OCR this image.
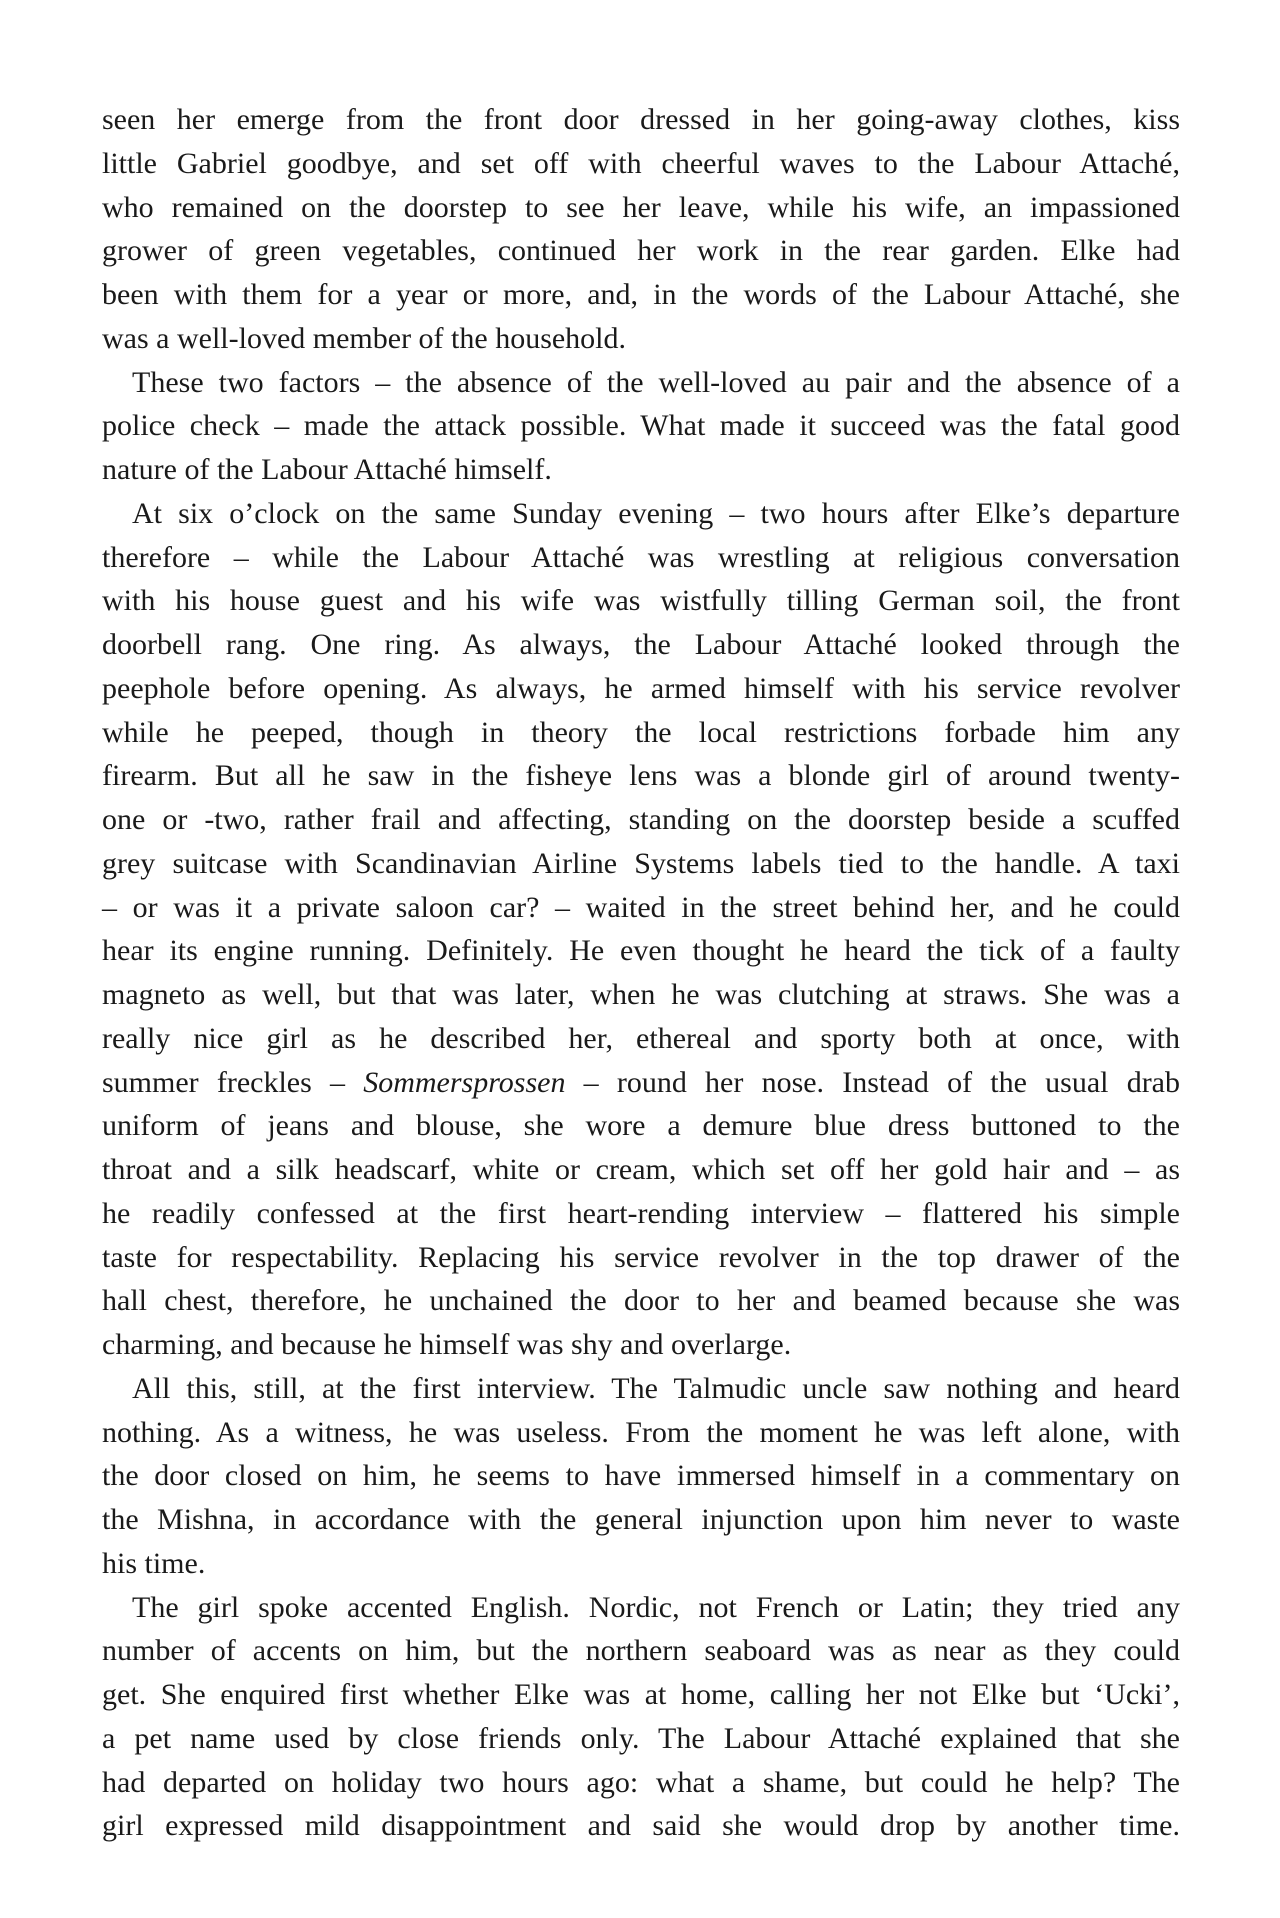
seen her emerge from the front door dressed in her going-away clothes, kiss
little Gabriel goodbye, and set off with cheerful waves to the Labour Attaché,
who remained on the doorstep to see her leave, while his wife, an impassioned
grower of green vegetables, continued her work in the rear garden. Elke had
been with them for a year or more, and, in the words of the Labour Attaché, she
was a well-loved member of the household.
These two factors – the absence of the well-loved au pair and the absence of a
police check – made the attack possible. What made it succeed was the fatal good
nature of the Labour Attaché himself.
At six o’clock on the same Sunday evening – two hours after Elke’s departure
therefore – while the Labour Attaché was wrestling at religious conversation
with his house guest and his wife was wistfully tilling German soil, the front
doorbell rang. One ring. As always, the Labour Attaché looked through the
peephole before opening. As always, he armed himself with his service revolver
while he peeped, though in theory the local restrictions forbade him any
firearm. But all he saw in the fisheye lens was a blonde girl of around twenty-
one or -two, rather frail and affecting, standing on the doorstep beside a scuffed
grey suitcase with Scandinavian Airline Systems labels tied to the handle. A taxi
– or was it a private saloon car? – waited in the street behind her, and he could
hear its engine running. Definitely. He even thought he heard the tick of a faulty
magneto as well, but that was later, when he was clutching at straws. She was a
really nice girl as he described her, ethereal and sporty both at once, with
summer freckles – Sommersprossen – round her nose. Instead of the usual drab
uniform of jeans and blouse, she wore a demure blue dress buttoned to the
throat and a silk headscarf, white or cream, which set off her gold hair and – as
he readily confessed at the first heart-rending interview – flattered his simple
taste for respectability. Replacing his service revolver in the top drawer of the
hall chest, therefore, he unchained the door to her and beamed because she was
charming, and because he himself was shy and overlarge.
All this, still, at the first interview. The Talmudic uncle saw nothing and heard
nothing. As a witness, he was useless. From the moment he was left alone, with
the door closed on him, he seems to have immersed himself in a commentary on
the Mishna, in accordance with the general injunction upon him never to waste
his time.
The girl spoke accented English. Nordic, not French or Latin; they tried any
number of accents on him, but the northern seaboard was as near as they could
get. She enquired first whether Elke was at home, calling her not Elke but ‘Ucki’,
a pet name used by close friends only. The Labour Attaché explained that she
had departed on holiday two hours ago: what a shame, but could he help? The
girl expressed mild disappointment and said she would drop by another time.
